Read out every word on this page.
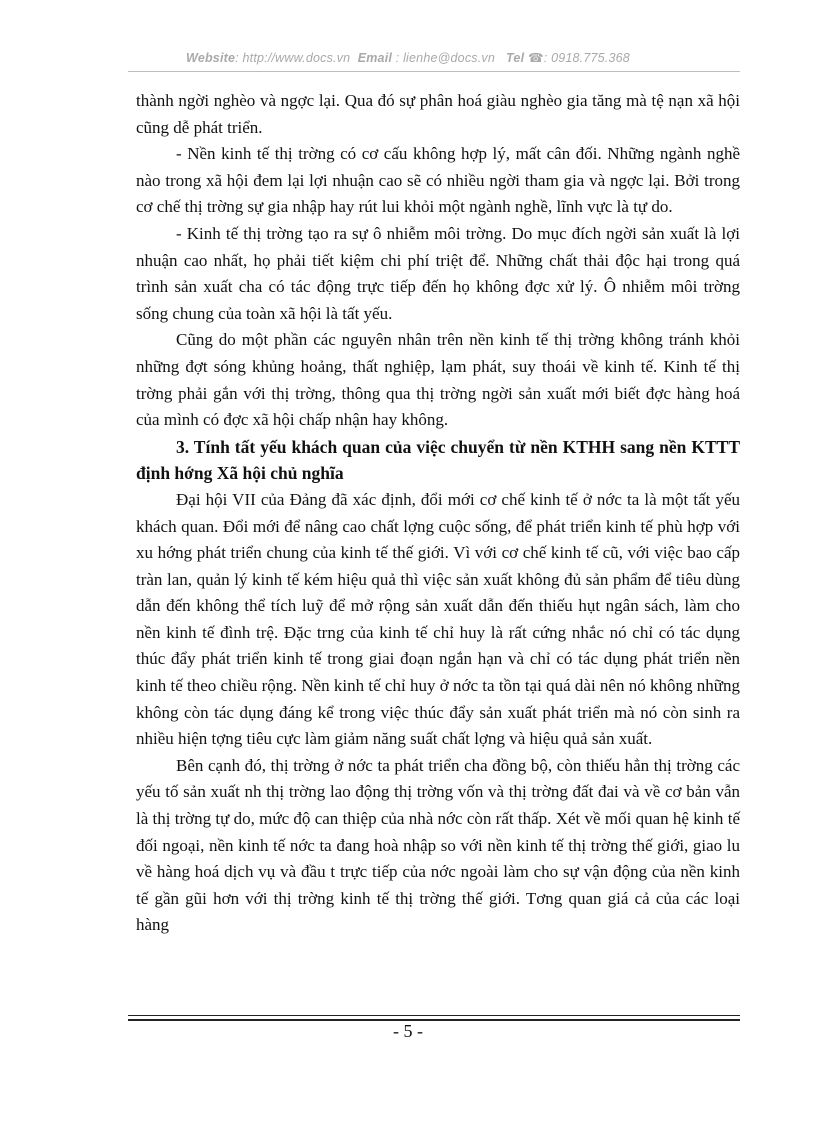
Website: http://www.docs.vn Email : lienhe@docs.vn Tel ☎: 0918.775.368

thành ngời nghèo và ngợc lại. Qua đó sự phân hoá giàu nghèo gia tăng mà tệ nạn xã hội cũng dễ phát triển.

- Nền kinh tế thị trờng có cơ cấu không hợp lý, mất cân đối. Những ngành nghề nào trong xã hội đem lại lợi nhuận cao sẽ có nhiều ngời tham gia và ngợc lại. Bởi trong cơ chế thị trờng sự gia nhập hay rút lui khỏi một ngành nghề, lĩnh vực là tự do.

- Kinh tế thị trờng tạo ra sự ô nhiễm môi trờng. Do mục đích ngời sản xuất là lợi nhuận cao nhất, họ phải tiết kiệm chi phí triệt để. Những chất thải độc hại trong quá trình sản xuất cha có tác động trực tiếp đến họ không đợc xử lý. Ô nhiễm môi trờng sống chung của toàn xã hội là tất yếu.

Cũng do một phần các nguyên nhân trên nền kinh tế thị trờng không tránh khỏi những đợt sóng khủng hoảng, thất nghiệp, lạm phát, suy thoái về kinh tế. Kinh tế thị trờng phải gắn với thị trờng, thông qua thị trờng ngời sản xuất mới biết đợc hàng hoá của mình có đợc xã hội chấp nhận hay không.

3. Tính tất yếu khách quan của việc chuyển từ nền KTHH sang nền KTTT định hớng Xã hội chủ nghĩa

Đại hội VII của Đảng đã xác định, đổi mới cơ chế kinh tế ở nớc ta là một tất yếu khách quan. Đổi mới để nâng cao chất lợng cuộc sống, để phát triển kinh tế phù hợp với xu hớng phát triển chung của kinh tế thế giới. Vì với cơ chế kinh tế cũ, với việc bao cấp tràn lan, quản lý kinh tế kém hiệu quả thì việc sản xuất không đủ sản phẩm để tiêu dùng dẫn đến không thể tích luỹ để mở rộng sản xuất dẫn đến thiếu hụt ngân sách, làm cho nền kinh tế đình trệ. Đặc trng của kinh tế chỉ huy là rất cứng nhắc nó chỉ có tác dụng thúc đẩy phát triển kinh tế trong giai đoạn ngắn hạn và chỉ có tác dụng phát triển nền kinh tế theo chiều rộng. Nền kinh tế chỉ huy ở nớc ta tồn tại quá dài nên nó không những không còn tác dụng đáng kể trong việc thúc đẩy sản xuất phát triển mà nó còn sinh ra nhiều hiện tợng tiêu cực làm giảm năng suất chất lợng và hiệu quả sản xuất.

Bên cạnh đó, thị trờng ở nớc ta phát triển cha đồng bộ, còn thiếu hẳn thị trờng các yếu tố sản xuất nh thị trờng lao động thị trờng vốn và thị trờng đất đai và về cơ bản vẫn là thị trờng tự do, mức độ can thiệp của nhà nớc còn rất thấp. Xét về mối quan hệ kinh tế đối ngoại, nền kinh tế nớc ta đang hoà nhập so với nền kinh tế thị trờng thế giới, giao lu về hàng hoá dịch vụ và đầu t trực tiếp của nớc ngoài làm cho sự vận động của nền kinh tế gần gũi hơn với thị trờng kinh tế thị trờng thế giới. Tơng quan giá cả của các loại hàng

- 5 -
